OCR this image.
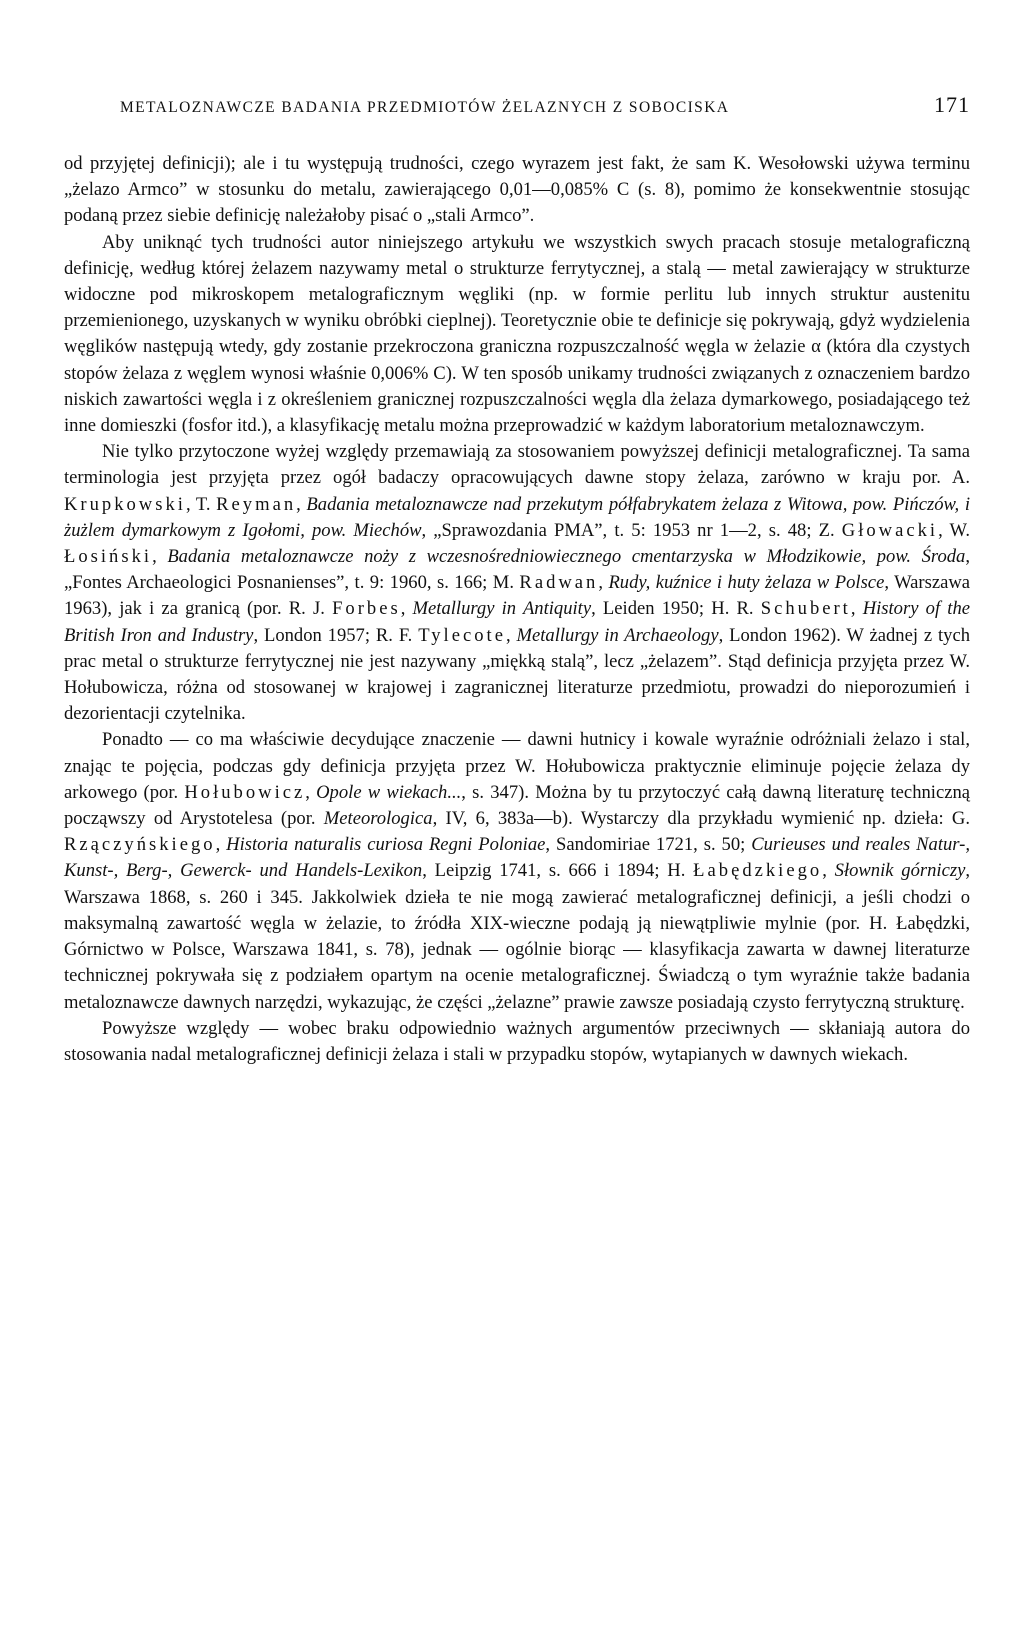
METALOZNAWCZE BADANIA PRZEDMIOTÓW ŻELAZNYCH Z SOBOCISKA	171

od przyjętej definicji); ale i tu występują trudności, czego wyrazem jest fakt, że sam K. Wesołowski używa terminu „żelazo Armco” w stosunku do metalu, zawierającego 0,01—0,085% C (s. 8), pomimo że konsekwentnie stosując podaną przez siebie definicję należałoby pisać o „stali Armco”.

Aby uniknąć tych trudności autor niniejszego artykułu we wszystkich swych pracach stosuje metalograficzną definicję, według której żelazem nazywamy metal o strukturze ferrytycznej, a stalą — metal zawierający w strukturze widoczne pod mikroskopem metalograficznym węgliki (np. w formie perlitu lub innych struktur austenitu przemienionego, uzyskanych w wyniku obróbki cieplnej). Teoretycznie obie te definicje się pokrywają, gdyż wydzielenia węglików następują wtedy, gdy zostanie przekroczona graniczna rozpuszczalność węgla w żelazie α (która dla czystych stopów żelaza z węglem wynosi właśnie 0,006% C). W ten sposób unikamy trudności związanych z oznaczeniem bardzo niskich zawartości węgla i z określeniem granicznej rozpuszczalności węgla dla żelaza dymarkowego, posiadającego też inne domieszki (fosfor itd.), a klasyfikację metalu można przeprowadzić w każdym laboratorium metaloznawczym.

Nie tylko przytoczone wyżej względy przemawiają za stosowaniem powyższej definicji metalograficznej. Ta sama terminologia jest przyjęta przez ogół badaczy opracowujących dawne stopy żelaza, zarówno w kraju por. A. Krupkowski, T. Reyman, Badania metaloznawcze nad przekutym półfabrykatem żelaza z Witowa, pow. Pińczów, i żużlem dymarkowym z Igołomi, pow. Miechów, „Sprawozdania PMA”, t. 5: 1953 nr 1—2, s. 48; Z. Głowacki, W. Łosiński, Badania metaloznawcze noży z wczesnośredniowiecznego cmentarzyska w Młodzikowie, pow. Środa, „Fontes Archaeologici Posnanienses”, t. 9: 1960, s. 166; M. Radwan, Rudy, kuźnice i huty żelaza w Polsce, Warszawa 1963), jak i za granicą (por. R. J. Forbes, Metallurgy in Antiquity, Leiden 1950; H. R. Schubert, History of the British Iron and Industry, London 1957; R. F. Tylecote, Metallurgy in Archaeology, London 1962). W żadnej z tych prac metal o strukturze ferrytycznej nie jest nazywany „miękką stalą”, lecz „żelazem”. Stąd definicja przyjęta przez W. Hołubowicza, różna od stosowanej w krajowej i zagranicznej literaturze przedmiotu, prowadzi do nieporozumień i dezorientacji czytelnika.

Ponadto — co ma właściwie decydujące znaczenie — dawni hutnicy i kowale wyraźnie odróżniali żelazo i stal, znając te pojęcia, podczas gdy definicja przyjęta przez W. Hołubowicza praktycznie eliminuje pojęcie żelaza dy arkowego (por. Hołubowicz, Opole w wiekach..., s. 347). Można by tu przytoczyć całą dawną literaturę techniczną począwszy od Arystotelesa (por. Meteorologica, IV, 6, 383a—b). Wystarczy dla przykładu wymienić np. dzieła: G. Rzączyńskiego, Historia naturalis curiosa Regni Poloniae, Sandomiriae 1721, s. 50; Curieuses und reales Natur-, Kunst-, Berg-, Gewerck- und Handels-Lexikon, Leipzig 1741, s. 666 i 1894; H. Łabędzkiego, Słownik górniczy, Warszawa 1868, s. 260 i 345. Jakkolwiek dzieła te nie mogą zawierać metalograficznej definicji, a jeśli chodzi o maksymalną zawartość węgla w żelazie, to źródła XIX-wieczne podają ją niewątpliwie mylnie (por. H. Łabędzki, Górnictwo w Polsce, Warszawa 1841, s. 78), jednak — ogólnie biorąc — klasyfikacja zawarta w dawnej literaturze technicznej pokrywała się z podziałem opartym na ocenie metalograficznej. Świadczą o tym wyraźnie także badania metaloznawcze dawnych narzędzi, wykazując, że części „żelazne” prawie zawsze posiadają czysto ferrytyczną strukturę.

Powyższe względy — wobec braku odpowiednio ważnych argumentów przeciwnych — skłaniają autora do stosowania nadal metalograficznej definicji żelaza i stali w przypadku stopów, wytapianych w dawnych wiekach.
